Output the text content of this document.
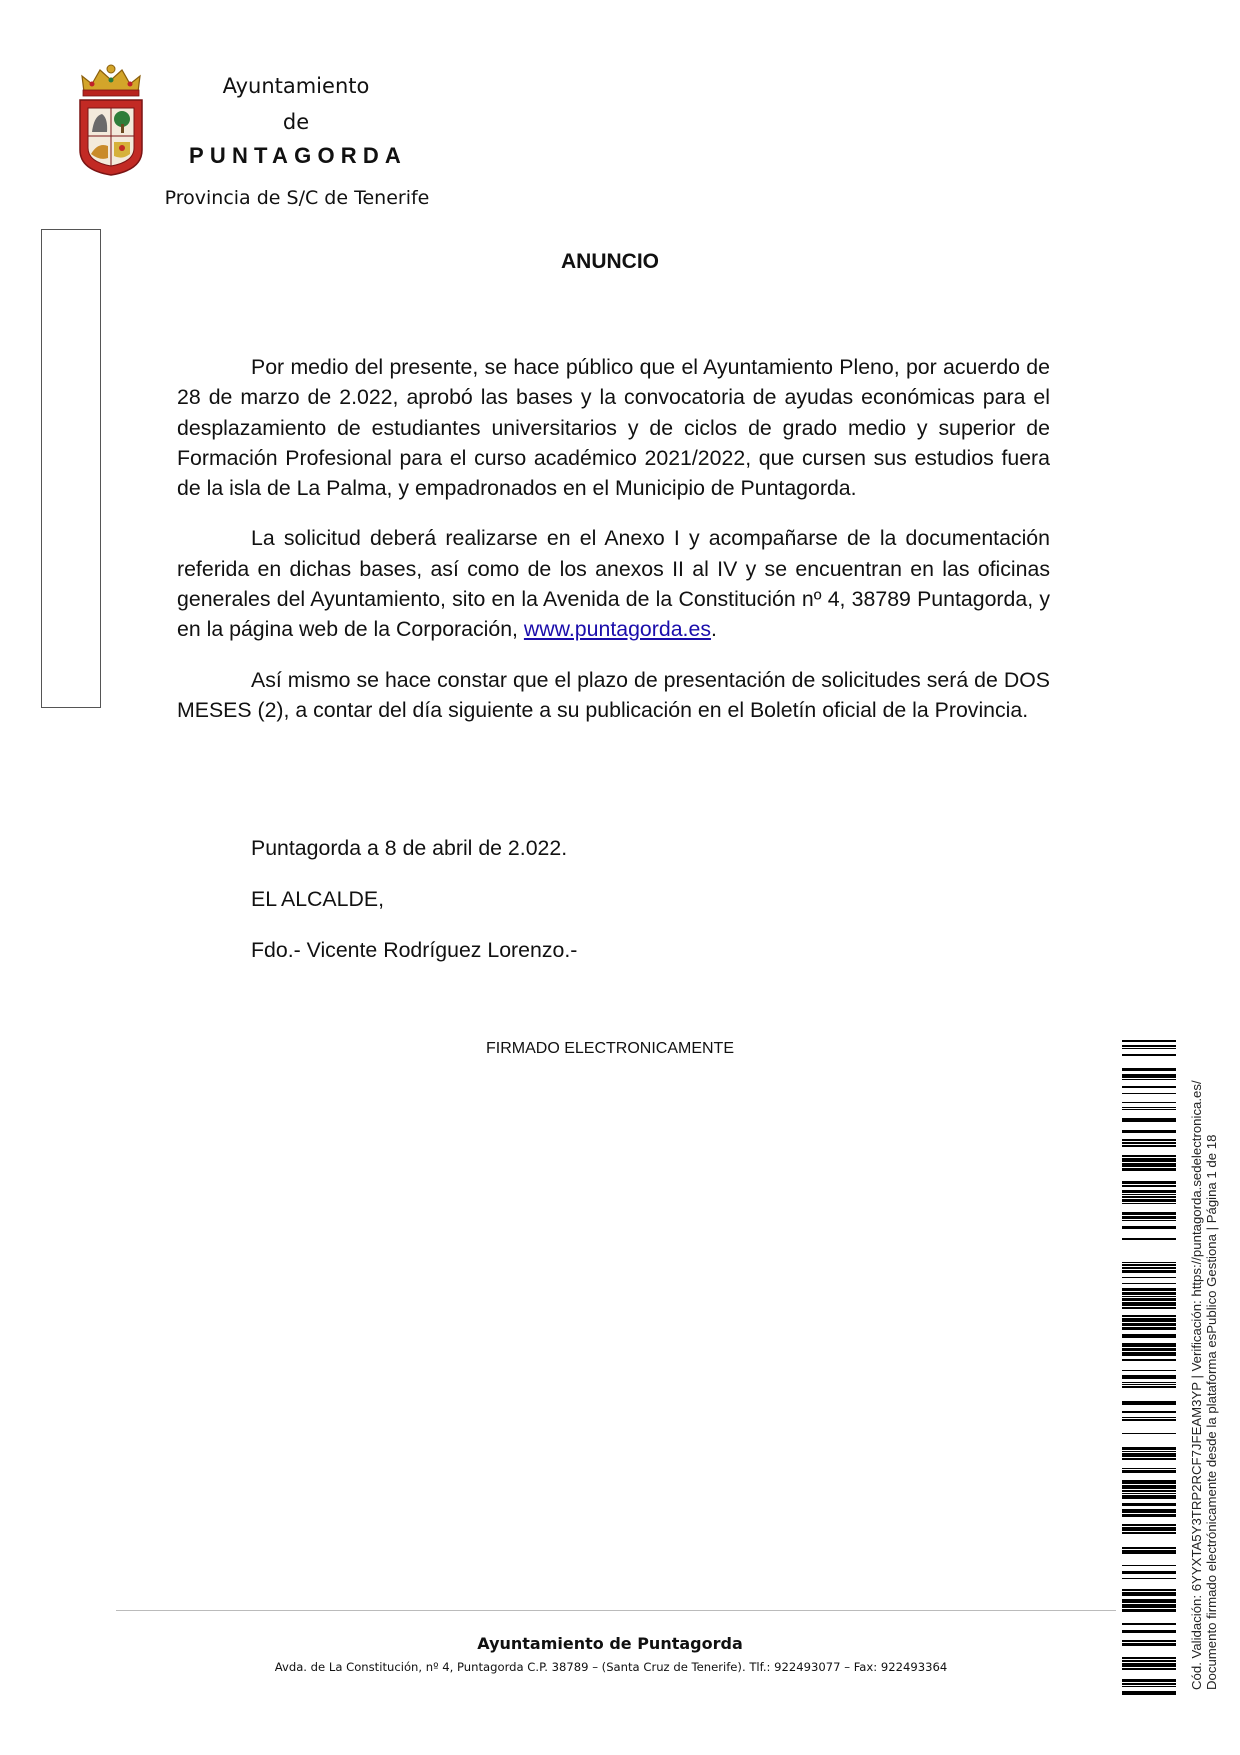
Ayuntamiento
de
PUNTAGORDA
Provincia de S/C de Tenerife
ANUNCIO

Por medio del presente, se hace público que el Ayuntamiento Pleno, por acuerdo de 28 de marzo de 2.022, aprobó las bases y la convocatoria de ayudas económicas para el desplazamiento de estudiantes universitarios y de ciclos de grado medio y superior de Formación Profesional para el curso académico 2021/2022, que cursen sus estudios fuera de la isla de La Palma, y empadronados en el Municipio de Puntagorda.

La solicitud deberá realizarse en el Anexo I y acompañarse de la documentación referida en dichas bases, así como de los anexos II al IV y se encuentran en las oficinas generales del Ayuntamiento, sito en la Avenida de la Constitución nº 4, 38789 Puntagorda, y en la página web de la Corporación, www.puntagorda.es.

Así mismo se hace constar que el plazo de presentación de solicitudes será de DOS MESES (2), a contar del día siguiente a su publicación en el Boletín oficial de la Provincia.

Puntagorda a 8 de abril de 2.022.
EL ALCALDE,
Fdo.- Vicente Rodríguez Lorenzo.-
FIRMADO ELECTRONICAMENTE
Cód. Validación: 6YYXTA5Y3TRP2RCF7JFEAM3YP | Verificación: https://puntagorda.sedelectronica.es/ Documento firmado electrónicamente desde la plataforma esPublico Gestiona | Página 1 de 18
Ayuntamiento de Puntagorda
Avda. de La Constitución, nº 4, Puntagorda C.P. 38789 – (Santa Cruz de Tenerife). Tlf.: 922493077 – Fax: 922493364
